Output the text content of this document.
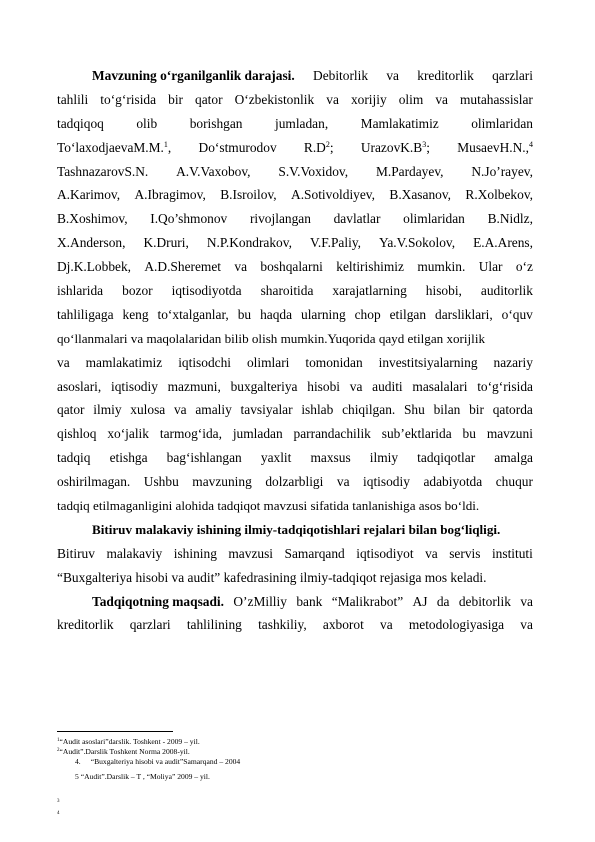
Mavzuning o‘rganilganlik darajasi. Debitorlik va kreditorlik qarzlari
tahlili to‘g‘risida bir qator O‘zbekistonlik va xorijiy olim va mutahassislar
tadqiqoq olib borishgan jumladan, Mamlakatimiz olimlaridan
To‘laxodjaevaM.M.$^1$, Do‘stmurodov $R.D^2$; $UrazovK.B^3$; MusaevH.N.,$^4$
TashnazarovS.N. A.V.Vaxobov, S.V.Voxidov, M.Pardayev, N.Jo’rayev,
A.Karimov, A.Ibragimov, B.Isroilov, A.Sotivoldiyev, B.Xasanov, R.Xolbekov,
B.Xoshimov, I.Qo’shmonov rivojlangan davlatlar olimlaridan B.Nidlz,
X.Anderson, K.Druri, N.P.Kondrakov, V.F.Paliy, Ya.V.Sokolov, E.A.Arens,
Dj.K.Lobbek, A.D.Sheremet va boshqalarni keltirishimiz mumkin. Ular o‘z
ishlarida bozor iqtisodiyotda sharoitida xarajatlarning hisobi, auditorlik
tahliligaga keng to‘xtalganlar, bu haqda ularning chop etilgan darsliklari, o‘quv
qo‘llanmalari va maqolalaridan bilib olish mumkin.Yuqorida qayd etilgan xorijlik
va mamlakatimiz iqtisodchi olimlari tomonidan investitsiyalarning nazariy
asoslari, iqtisodiy mazmuni, buxgalteriya hisobi va auditi masalalari to‘g‘risida
qator ilmiy xulosa va amaliy tavsiyalar ishlab chiqilgan. Shu bilan bir qatorda
qishloq xo‘jalik tarmog‘ida, jumladan parrandachilik sub’ektlarida bu mavzuni
tadqiq etishga bag‘ishlangan yaxlit maxsus ilmiy tadqiqotlar amalga
oshirilmagan. Ushbu mavzuning dolzarbligi va iqtisodiy adabiyotda chuqur
tadqiq etilmaganligini alohida tadqiqot mavzusi sifatida tanlanishiga asos bo‘ldi.
Bitiruv malakaviy ishining ilmiy-tadqiqotishlari rejalari bilan bog‘liqligi.
Bitiruv malakaviy ishining mavzusi Samarqand iqtisodiyot va servis instituti
“Buxgalteriya hisobi va audit” kafedrasining ilmiy-tadqiqot rejasiga mos keladi.
Tadqiqotning maqsadi. O’zMilliy bank “Malikrabot” AJ da debitorlik va
kreditorlik qarzlari tahlilining tashkiliy, axborot va metodologiyasiga va
$^1$“Audit asoslari”darslik. Toshkent - 2009 – yil.
$^2$“Audit”.Darslik Toshkent Norma 2008-yil.
4. “Buxgalteriya hisobi va audit”Samarqand – 2004
5 “Audit”.Darslik – T , “Moliya” 2009 – yil.
$^3$
$^4$
